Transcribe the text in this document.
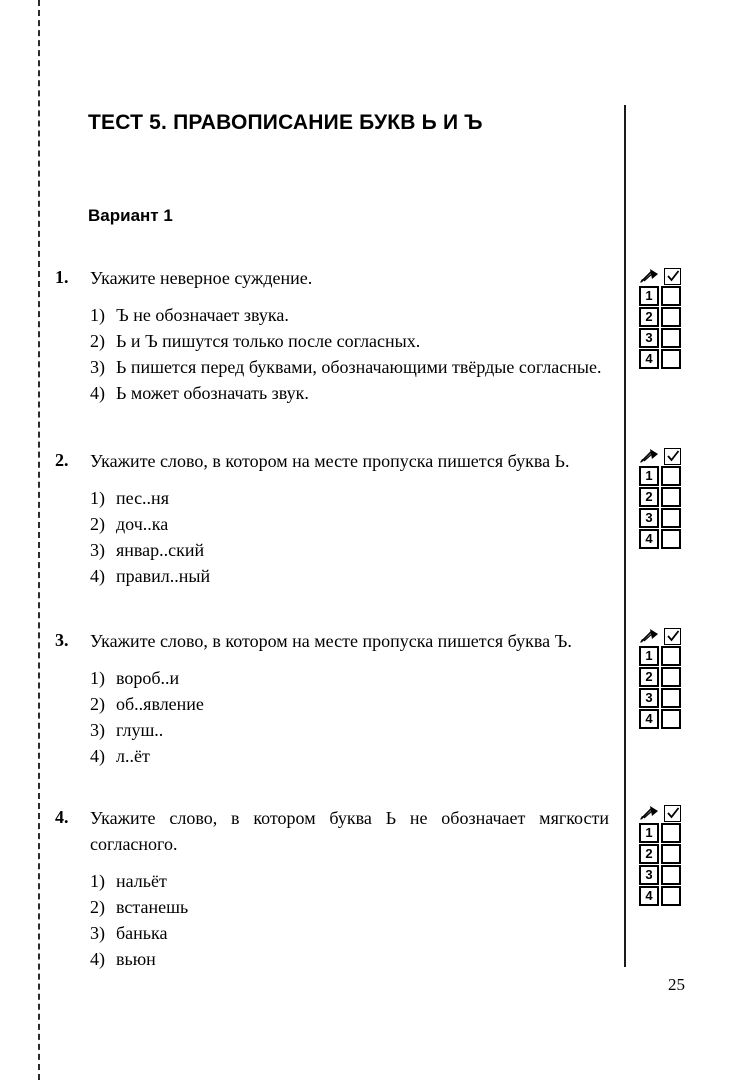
ТЕСТ 5. ПРАВОПИСАНИЕ БУКВ Ь И Ъ
Вариант 1
1.	Укажите неверное суждение.
1) Ъ не обозначает звука.
2) Ь и Ъ пишутся только после согласных.
3) Ь пишется перед буквами, обозначающими твёрдые согласные.
4) Ь может обозначать звук.
2.	Укажите слово, в котором на месте пропуска пишется буква Ь.
1) пес..ня
2) доч..ка
3) январ..ский
4) правил..ный
3.	Укажите слово, в котором на месте пропуска пишется буква Ъ.
1) вороб..и
2) об..явление
3) глуш..
4) л..ёт
4.	Укажите слово, в котором буква Ь не обозначает мягкости согласного.
1) нальёт
2) встанешь
3) банька
4) вьюн
1
2
3
4
1
2
3
4
1
2
3
4
1
2
3
4
25
